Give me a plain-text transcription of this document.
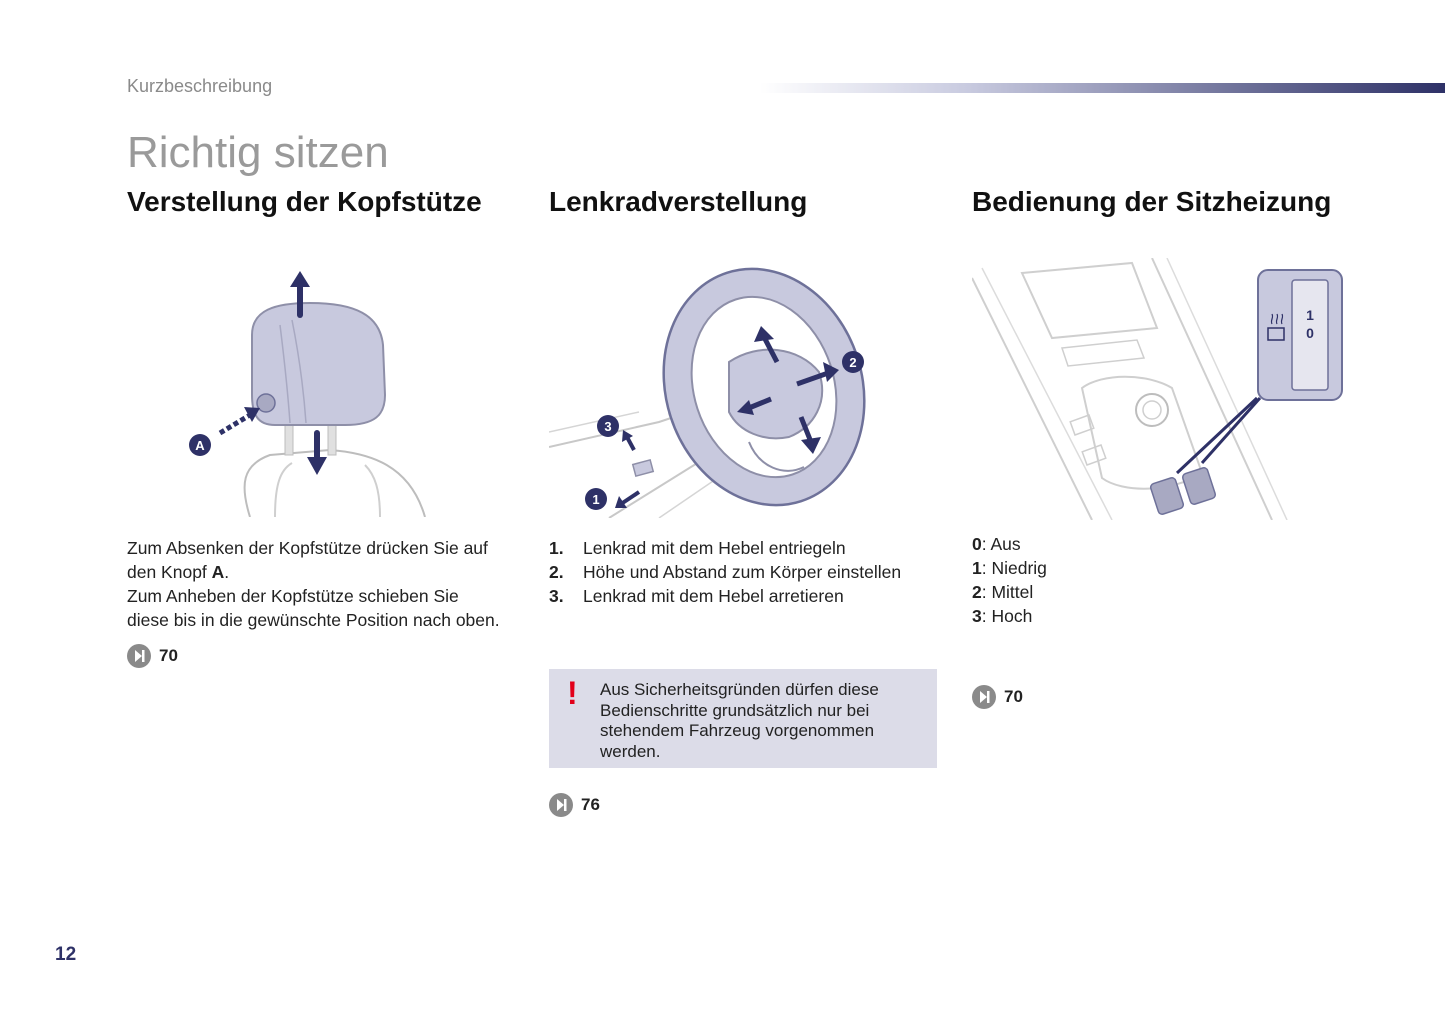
Kurzbeschreibung
Richtig sitzen
Verstellung der Kopfstütze Lenkradverstellung	Bedienung der Sitzheizung
A
Zum Absenken der Kopfstütze drücken Sie auf
den Knopf A.
Zum Anheben der Kopfstütze schieben Sie
diese bis in die gewünschte Position nach oben.
70
2
3
1
1.	Lenkrad mit dem Hebel entriegeln
2.	Höhe und Abstand zum Körper einstellen
3.	Lenkrad mit dem Hebel arretieren
! Aus Sicherheitsgründen dürfen diese Bedienschritte grundsätzlich nur bei stehendem Fahrzeug vorgenommen werden.
76
1
0
0: Aus
1: Niedrig
2: Mittel
3: Hoch
70
12
